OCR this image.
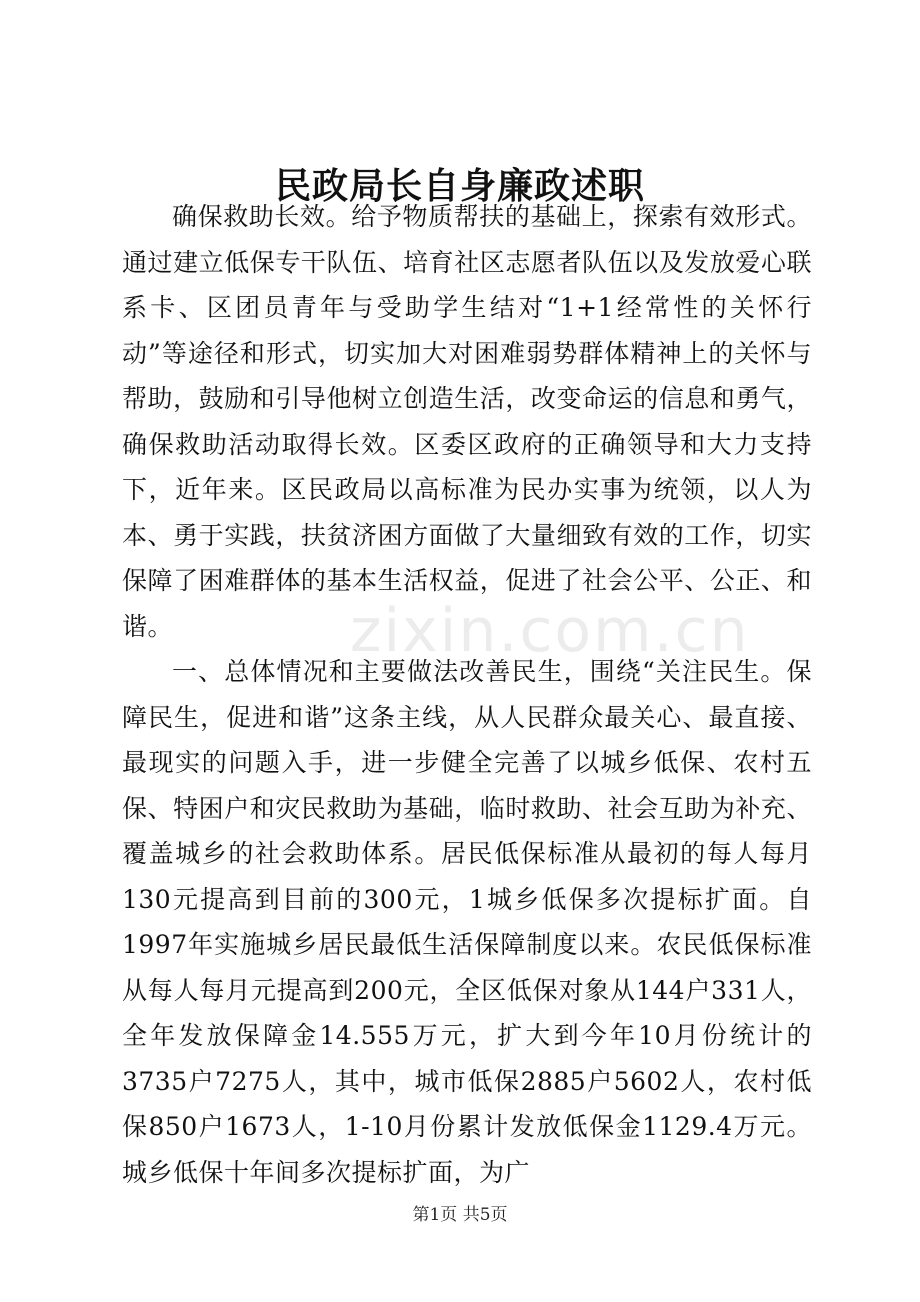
民政局长自身廉政述职

确保救助长效。给予物质帮扶的基础上，探索有效形式。通过建立低保专干队伍、培育社区志愿者队伍以及发放爱心联系卡、区团员青年与受助学生结对“1+1经常性的关怀行动”等途径和形式，切实加大对困难弱势群体精神上的关怀与帮助，鼓励和引导他树立创造生活，改变命运的信息和勇气，确保救助活动取得长效。区委区政府的正确领导和大力支持下，近年来。区民政局以高标准为民办实事为统领，以人为本、勇于实践，扶贫济困方面做了大量细致有效的工作，切实保障了困难群体的基本生活权益，促进了社会公平、公正、和谐。

一、总体情况和主要做法改善民生，围绕“关注民生。保障民生，促进和谐”这条主线，从人民群众最关心、最直接、最现实的问题入手，进一步健全完善了以城乡低保、农村五保、特困户和灾民救助为基础，临时救助、社会互助为补充、覆盖城乡的社会救助体系。居民低保标准从最初的每人每月130元提高到目前的300元，1城乡低保多次提标扩面。自1997年实施城乡居民最低生活保障制度以来。农民低保标准从每人每月元提高到200元，全区低保对象从144户331人，全年发放保障金14.555万元，扩大到今年10月份统计的3735户7275人，其中，城市低保2885户5602人，农村低保850户1673人，1-10月份累计发放低保金1129.4万元。城乡低保十年间多次提标扩面，为广

zixin.com.cn
第1页 共5页
